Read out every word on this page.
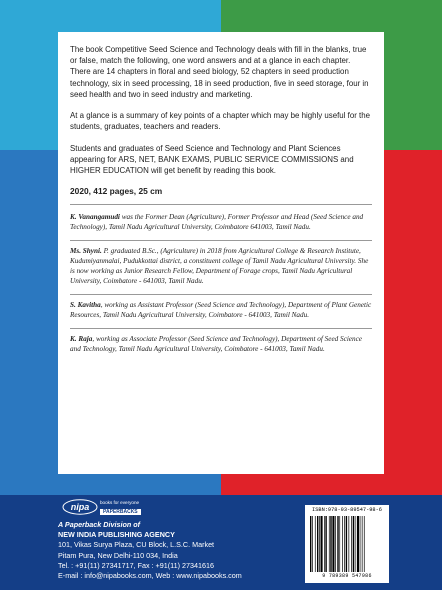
The book Competitive Seed Science and Technology deals with fill in the blanks, true or false, match the following, one word answers and at a glance in each chapter. There are 14 chapters in floral and seed biology, 52 chapters in seed production technology, six in seed processing, 18 in seed production, five in seed storage, four in seed health and two in seed industry and marketing.

At a glance is a summary of key points of a chapter which may be highly useful for the students, graduates, teachers and readers.

Students and graduates of Seed Science and Technology and Plant Sciences appearing for ARS, NET, BANK EXAMS, PUBLIC SERVICE COMMISSIONS and HIGHER EDUCATION will get benefit by reading this book.

2020, 412 pages, 25 cm

K. Vanangamudi was the Former Dean (Agriculture), Former Professor and Head (Seed Science and Technology), Tamil Nadu Agricultural University, Coimbatore 641003, Tamil Nadu.

Ms. Shyni. P. graduated B.Sc., (Agriculture) in 2018 from Agricultural College & Research Institute, Kudumiyanmalai, Pudukkottai district, a constituent college of Tamil Nadu Agricultural University. She is now working as Junior Research Fellow, Department of Forage crops, Tamil Nadu Agricultural University, Coimbatore - 641003, Tamil Nadu.

S. Kavitha, working as Assistant Professor (Seed Science and Technology), Department of Plant Genetic Resources, Tamil Nadu Agricultural University, Coimbatore - 641003, Tamil Nadu.

K. Raja, working as Associate Professor (Seed Science and Technology), Department of Seed Science and Technology, Tamil Nadu Agricultural University, Coimbatore - 641003, Tamil Nadu.

nipa books for everyone
PAPERBACKS
A Paperback Division of
NEW INDIA PUBLISHING AGENCY
101, Vikas Surya Plaza, CU Block, L.S.C. Market
Pitam Pura, New Delhi-110 034, India
Tel. : +91(11) 27341717, Fax : +91(11) 27341616
E-mail : info@nipabooks.com, Web : www.nipabooks.com
ISBN:978-93-89547-98-6
9 789389 547986
